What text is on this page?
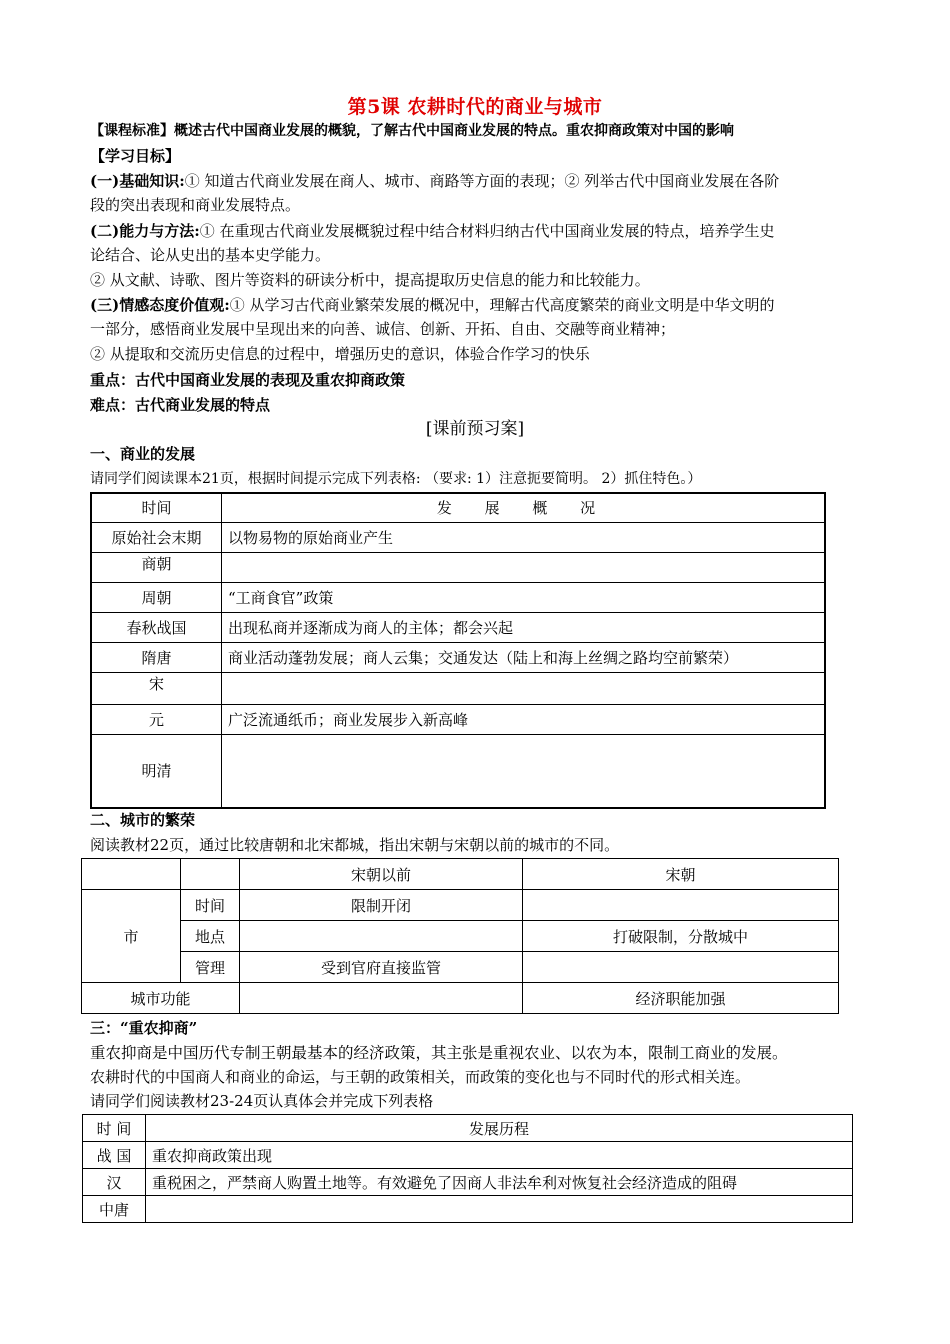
第5课 农耕时代的商业与城市
【课程标准】概述古代中国商业发展的概貌，了解古代中国商业发展的特点。重农抑商政策对中国的影响
【学习目标】
(一)基础知识:① 知道古代商业发展在商人、城市、商路等方面的表现；② 列举古代中国商业发展在各阶
段的突出表现和商业发展特点。
(二)能力与方法:① 在重现古代商业发展概貌过程中结合材料归纳古代中国商业发展的特点，培养学生史
论结合、论从史出的基本史学能力。
② 从文献、诗歌、图片等资料的研读分析中，提高提取历史信息的能力和比较能力。
(三)情感态度价值观:① 从学习古代商业繁荣发展的概况中，理解古代高度繁荣的商业文明是中华文明的
一部分，感悟商业发展中呈现出来的向善、诚信、创新、开拓、自由、交融等商业精神；
② 从提取和交流历史信息的过程中，增强历史的意识，体验合作学习的快乐
重点：古代中国商业发展的表现及重农抑商政策
难点：古代商业发展的特点
[课前预习案]
一、商业的发展
请同学们阅读课本21页，根据时间提示完成下列表格: （要求: 1）注意扼要简明。 2）抓住特色。）
时间	发 展 概 况
原始社会末期	以物易物的原始商业产生
商朝	
周朝	“工商食官”政策
春秋战国	出现私商并逐渐成为商人的主体；都会兴起
隋唐	商业活动蓬勃发展；商人云集；交通发达（陆上和海上丝绸之路均空前繁荣）
宋	
元	广泛流通纸币；商业发展步入新高峰
明清	
二、城市的繁荣
阅读教材22页，通过比较唐朝和北宋都城，指出宋朝与宋朝以前的城市的不同。
		宋朝以前	宋朝
市	时间	限制开闭	
	地点		打破限制，分散城中
	管理	受到官府直接监管	
城市功能			经济职能加强
三：“重农抑商”
重农抑商是中国历代专制王朝最基本的经济政策，其主张是重视农业、以农为本，限制工商业的发展。
农耕时代的中国商人和商业的命运，与王朝的政策相关，而政策的变化也与不同时代的形式相关连。
请同学们阅读教材23-24页认真体会并完成下列表格
时 间	发展历程
战 国	重农抑商政策出现
汉	重税困之，严禁商人购置土地等。有效避免了因商人非法牟利对恢复社会经济造成的阻碍
中唐	
